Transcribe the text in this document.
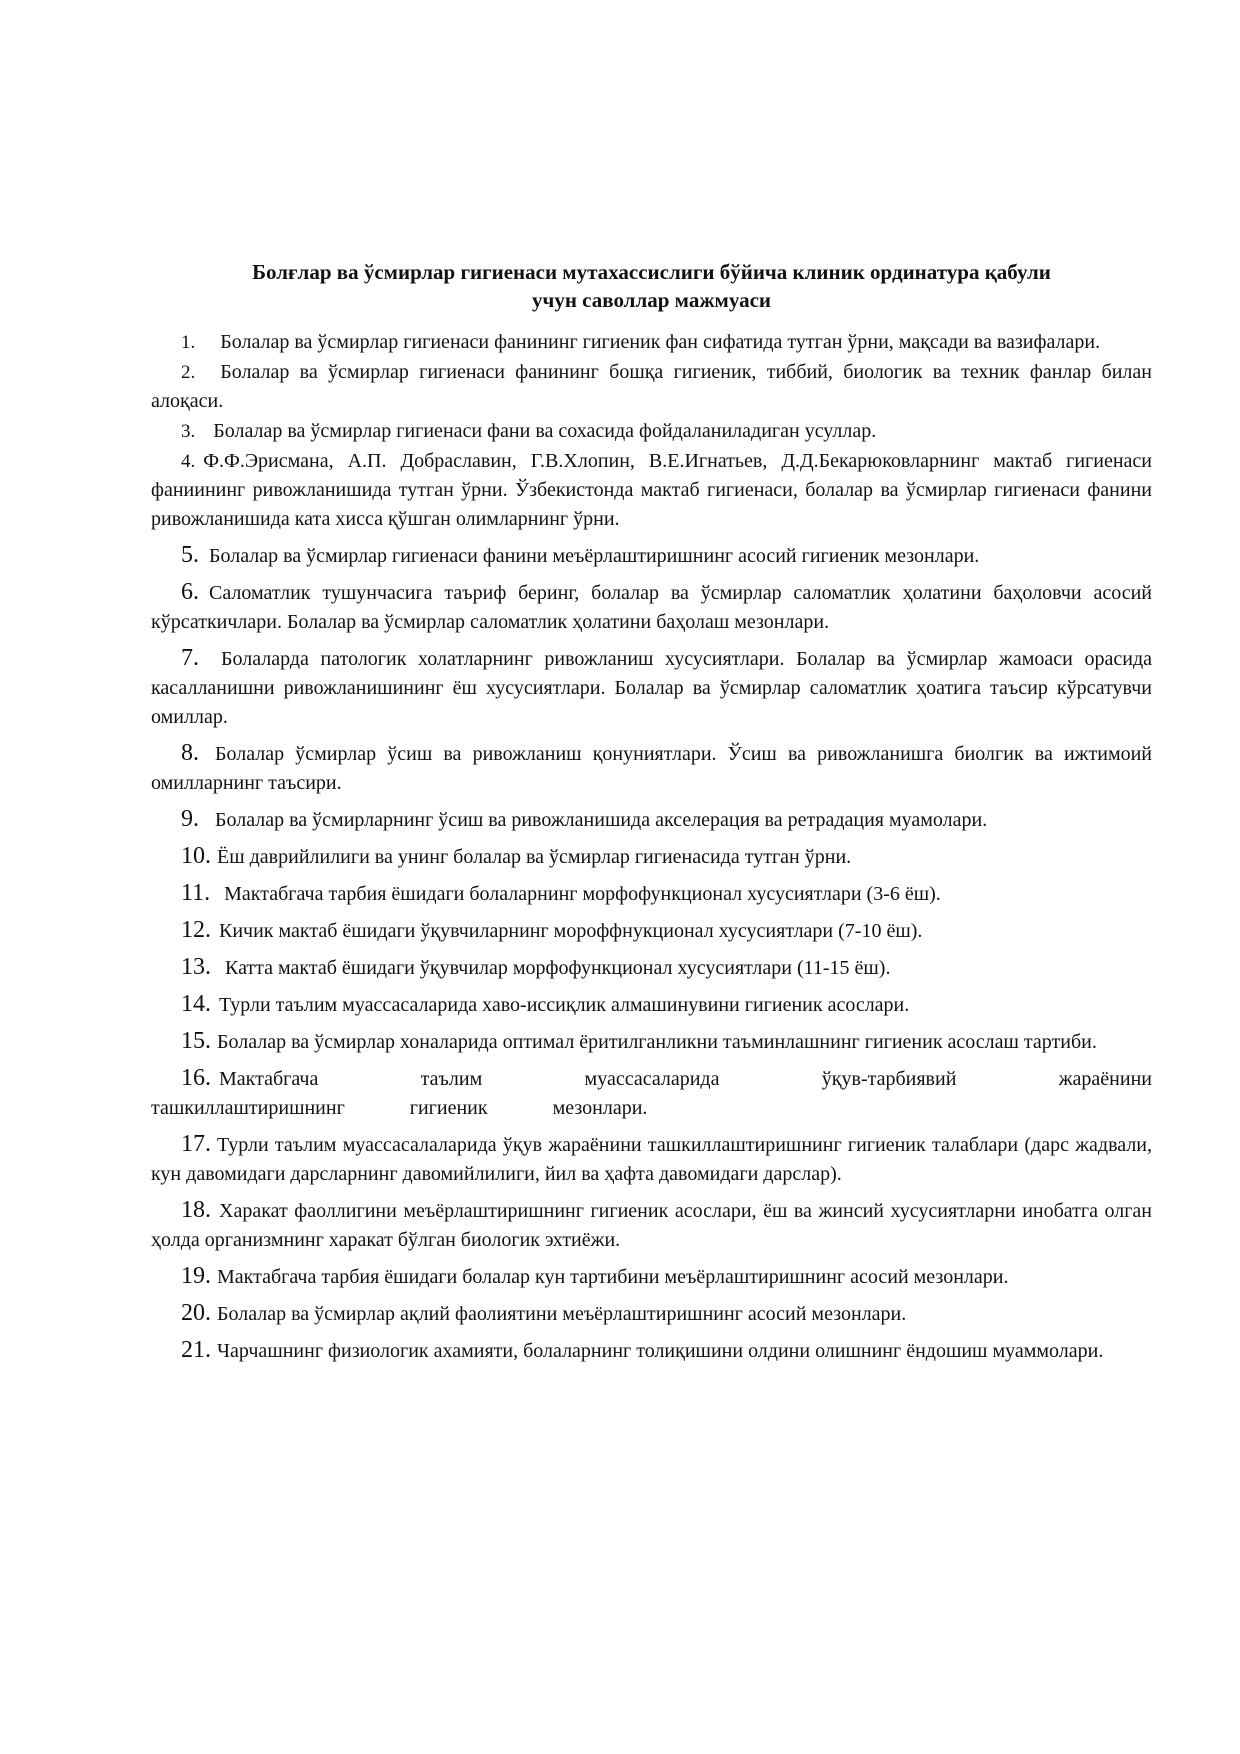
Болғлар ва ўсмирлар гигиенаси мутахассислиги бўйича клиник ординатура қабули
учун саволлар мажмуаси

1. Болалар ва ўсмирлар гигиенаси фанининг гигиеник фан сифатида тутган ўрни, мақсади ва вазифалари.

2. Болалар ва ўсмирлар гигиенаси фанининг бошқа гигиеник, тиббий, биологик ва техник фанлар билан алоқаси.

3. Болалар ва ўсмирлар гигиенаси фани ва сохасида фойдаланиладиган усуллар.

4. Ф.Ф.Эрисмана, А.П. Добраславин, Г.В.Хлопин, В.Е.Игнатьев, Д.Д.Бекарюковларнинг мактаб гигиенаси фаниининг ривожланишида тутган ўрни. Ўзбекистонда мактаб гигиенаси, болалар ва ўсмирлар гигиенаси фанини ривожланишида ката хисса қўшган олимларнинг ўрни.

5. Болалар ва ўсмирлар гигиенаси фанини меъёрлаштиришнинг асосий гигиеник мезонлари.

6. Саломатлик тушунчасига таъриф беринг, болалар ва ўсмирлар саломатлик ҳолатини баҳоловчи асосий кўрсаткичлари. Болалар ва ўсмирлар саломатлик ҳолатини баҳолаш мезонлари.

7. Болаларда патологик холатларнинг ривожланиш хусусиятлари. Болалар ва ўсмирлар жамоаси орасида касалланишни ривожланишининг ёш хусусиятлари. Болалар ва ўсмирлар саломатлик ҳоатига таъсир кўрсатувчи омиллар.

8. Болалар ўсмирлар ўсиш ва ривожланиш қонуниятлари. Ўсиш ва ривожланишга биолгик ва ижтимоий омилларнинг таъсири.

9. Болалар ва ўсмирларнинг ўсиш ва ривожланишида акселерация ва ретрадация муамолари.

10. Ёш даврийлилиги ва унинг болалар ва ўсмирлар гигиенасида тутган ўрни.

11. Мактабгача тарбия ёшидаги болаларнинг морфофункционал хусусиятлари (3-6 ёш).

12. Кичик мактаб ёшидаги ўқувчиларнинг мороффнукционал хусусиятлари (7-10 ёш).

13. Катта мактаб ёшидаги ўқувчилар морфофункционал хусусиятлари (11-15 ёш).

14. Турли таълим муассасаларида хаво-иссиқлик алмашинувини гигиеник асослари.

15. Болалар ва ўсмирлар хоналарида оптимал ёритилганликни таъминлашнинг гигиеник асослаш тартиби.

16. Мактабгача таълим муассасаларида ўқув-тарбиявий жараёнини ташкиллаштиришнинг гигиеник мезонлари.

17. Турли таълим муассасалаларида ўқув жараёнини ташкиллаштиришнинг гигиеник талаблари (дарс жадвали, кун давомидаги дарсларнинг давомийлилиги, йил ва ҳафта давомидаги дарслар).

18. Харакат фаоллигини меъёрлаштиришнинг гигиеник асослари, ёш ва жинсий хусусиятларни инобатга олган ҳолда организмнинг харакат бўлган биологик эхтиёжи.

19. Мактабгача тарбия ёшидаги болалар кун тартибини меъёрлаштиришнинг асосий мезонлари.

20. Болалар ва ўсмирлар ақлий фаолиятини меъёрлаштиришнинг асосий мезонлари.

21. Чарчашнинг физиологик ахамияти, болаларнинг толиқишини олдини олишнинг ёндошиш муаммолари.
